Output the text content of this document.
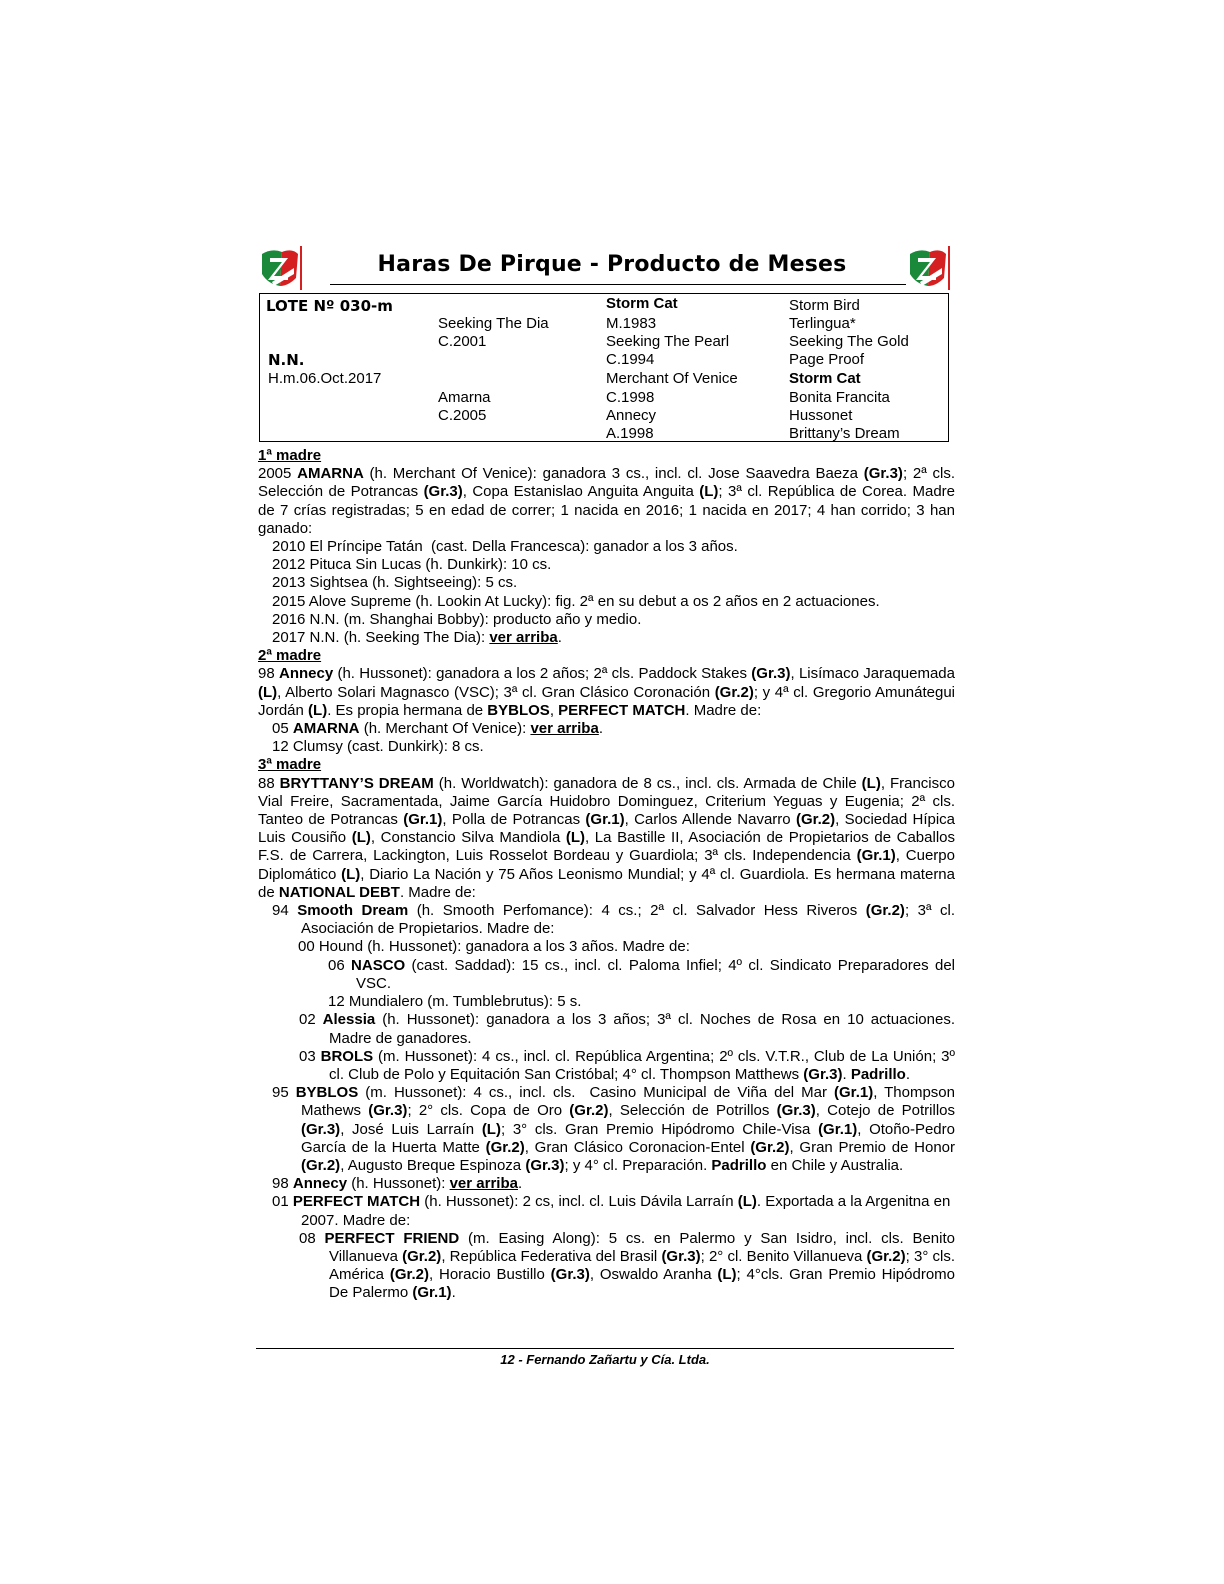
Haras De Pirque - Producto de Meses
LOTE Nº 030-m
N.N.
H.m.06.Oct.2017
Seeking The Dia
C.2001
Amarna
C.2005
Storm Cat
M.1983
Seeking The Pearl
C.1994
Merchant Of Venice
C.1998
Annecy
A.1998
Storm Bird
Terlingua*
Seeking The Gold
Page Proof
Storm Cat
Bonita Francita
Hussonet
Brittany’s Dream

1ª madre

2005 AMARNA (h. Merchant Of Venice): ganadora 3 cs., incl. cl. Jose Saavedra Baeza (Gr.3); 2ª cls. Selección de Potrancas (Gr.3), Copa Estanislao Anguita Anguita (L); 3ª cl. República de Corea. Madre de 7 crías registradas; 5 en edad de correr; 1 nacida en 2016; 1 nacida en 2017; 4 han corrido; 3 han ganado:

2010 El Príncipe Tatán  (cast. Della Francesca): ganador a los 3 años.

2012 Pituca Sin Lucas (h. Dunkirk): 10 cs.

2013 Sightsea (h. Sightseeing): 5 cs.

2015 Alove Supreme (h. Lookin At Lucky): fig. 2ª en su debut a os 2 años en 2 actuaciones.

2016 N.N. (m. Shanghai Bobby): producto año y medio.

2017 N.N. (h. Seeking The Dia): ver arriba.

2ª madre

98 Annecy (h. Hussonet): ganadora a los 2 años; 2ª cls. Paddock Stakes (Gr.3), Lisímaco Jaraquemada (L), Alberto Solari Magnasco (VSC); 3ª cl. Gran Clásico Coronación (Gr.2); y 4ª cl. Gregorio Amunátegui Jordán (L). Es propia hermana de BYBLOS, PERFECT MATCH. Madre de:

05 AMARNA (h. Merchant Of Venice): ver arriba.

12 Clumsy (cast. Dunkirk): 8 cs.

3ª madre

88 BRYTTANY’S DREAM (h. Worldwatch): ganadora de 8 cs., incl. cls. Armada de Chile (L), Francisco Vial Freire, Sacramentada, Jaime García Huidobro Dominguez, Criterium Yeguas y Eugenia; 2ª cls. Tanteo de Potrancas (Gr.1), Polla de Potrancas (Gr.1), Carlos Allende Navarro (Gr.2), Sociedad Hípica Luis Cousiño (L), Constancio Silva Mandiola (L), La Bastille II, Asociación de Propietarios de Caballos F.S. de Carrera, Lackington, Luis Rosselot Bordeau y Guardiola; 3ª cls. Independencia (Gr.1), Cuerpo Diplomático (L), Diario La Nación y 75 Años Leonismo Mundial; y 4ª cl. Guardiola. Es hermana materna de NATIONAL DEBT. Madre de:

94 Smooth Dream (h. Smooth Perfomance): 4 cs.; 2ª cl. Salvador Hess Riveros (Gr.2); 3ª cl. Asociación de Propietarios. Madre de:

00 Hound (h. Hussonet): ganadora a los 3 años. Madre de:

06 NASCO (cast. Saddad): 15 cs., incl. cl. Paloma Infiel; 4º cl. Sindicato Preparadores del VSC.

12 Mundialero (m. Tumblebrutus): 5 s.

02 Alessia (h. Hussonet): ganadora a los 3 años; 3ª cl. Noches de Rosa en 10 actuaciones. Madre de ganadores.

03 BROLS (m. Hussonet): 4 cs., incl. cl. República Argentina; 2º cls. V.T.R., Club de La Unión; 3º cl. Club de Polo y Equitación San Cristóbal; 4° cl. Thompson Matthews (Gr.3). Padrillo.

95 BYBLOS (m. Hussonet): 4 cs., incl. cls.  Casino Municipal de Viña del Mar (Gr.1), Thompson Mathews (Gr.3); 2° cls. Copa de Oro (Gr.2), Selección de Potrillos (Gr.3), Cotejo de Potrillos (Gr.3), José Luis Larraín (L); 3° cls. Gran Premio Hipódromo Chile-Visa (Gr.1), Otoño-Pedro García de la Huerta Matte (Gr.2), Gran Clásico Coronacion-Entel (Gr.2), Gran Premio de Honor (Gr.2), Augusto Breque Espinoza (Gr.3); y 4° cl. Preparación. Padrillo en Chile y Australia.

98 Annecy (h. Hussonet): ver arriba.

01 PERFECT MATCH (h. Hussonet): 2 cs, incl. cl. Luis Dávila Larraín (L). Exportada a la Argenitna en 2007. Madre de:

08 PERFECT FRIEND (m. Easing Along): 5 cs. en Palermo y San Isidro, incl. cls. Benito Villanueva (Gr.2), República Federativa del Brasil (Gr.3); 2° cl. Benito Villanueva (Gr.2); 3° cls. América (Gr.2), Horacio Bustillo (Gr.3), Oswaldo Aranha (L); 4°cls. Gran Premio Hipódromo De Palermo (Gr.1).

12 - Fernando Zañartu y Cía. Ltda.
